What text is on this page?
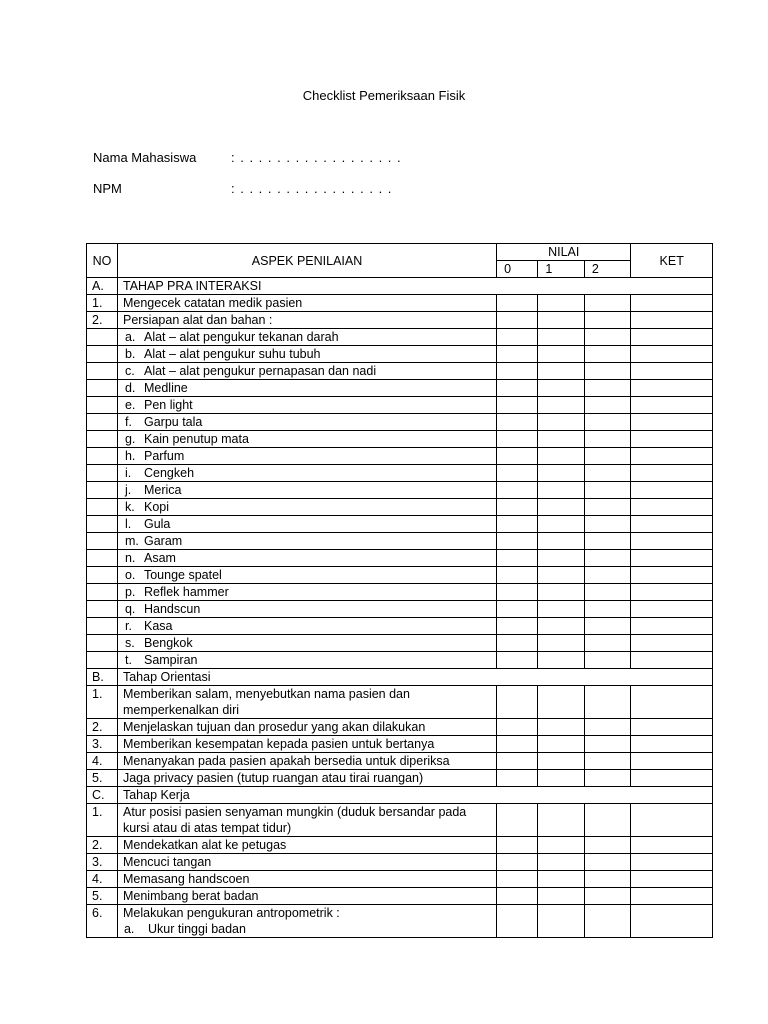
Checklist Pemeriksaan Fisik
Nama Mahasiswa	: . . . . . . . . . . . . . . . . . .
NPM	: . . . . . . . . . . . . . . . . .
NO	ASPEK PENILAIAN	NILAI			KET
		0	1	2	
A.	TAHAP PRA INTERAKSI				
1.	Mengecek catatan medik pasien				
2.	Persiapan alat dan bahan :				
	a. Alat – alat pengukur tekanan darah				
	b. Alat – alat pengukur suhu tubuh				
	c. Alat – alat pengukur pernapasan dan nadi				
	d. Medline				
	e. Pen light				
	f. Garpu tala				
	g. Kain penutup mata				
	h. Parfum				
	i. Cengkeh				
	j. Merica				
	k. Kopi				
	l. Gula				
	m. Garam				
	n. Asam				
	o. Tounge spatel				
	p. Reflek hammer				
	q. Handscun				
	r. Kasa				
	s. Bengkok				
	t. Sampiran				
B.	Tahap Orientasi				
1.	Memberikan salam, menyebutkan nama pasien dan memperkenalkan diri				
2.	Menjelaskan tujuan dan prosedur yang akan dilakukan				
3.	Memberikan kesempatan kepada pasien untuk bertanya				
4.	Menanyakan pada pasien apakah bersedia untuk diperiksa				
5.	Jaga privacy pasien (tutup ruangan atau tirai ruangan)				
C.	Tahap Kerja				
1.	Atur posisi pasien senyaman mungkin (duduk bersandar pada kursi atau di atas tempat tidur)				
2.	Mendekatkan alat ke petugas				
3.	Mencuci tangan				
4.	Memasang handscoen				
5.	Menimbang berat badan				
6.	Melakukan pengukuran antropometrik :
a. Ukur tinggi badan				
